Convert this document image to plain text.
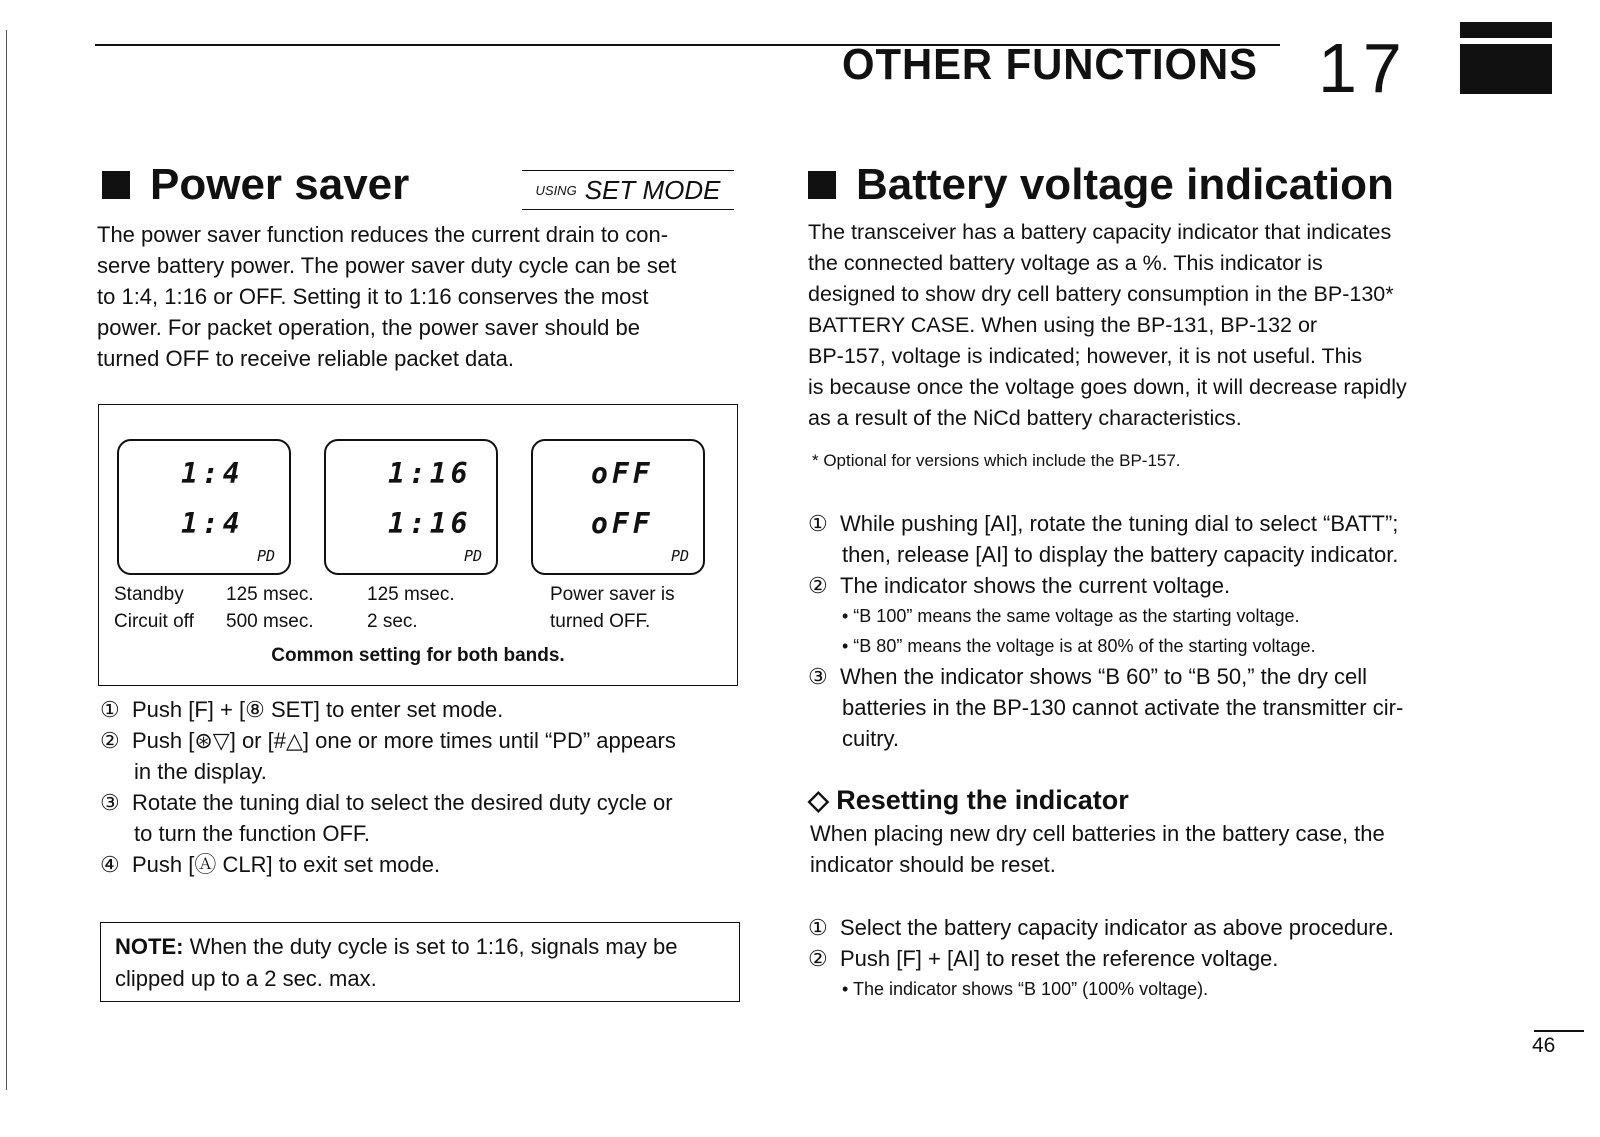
OTHER FUNCTIONS 17
Power saver	USING SET MODE
The power saver function reduces the current drain to con-
serve battery power. The power saver duty cycle can be set
to 1:4, 1:16 or OFF. Setting it to 1:16 conserves the most
power. For packet operation, the power saver should be
turned OFF to receive reliable packet data.
1:4
1:4
PD
1:16
1:16
PD
oFF
oFF
PD
Standby
Circuit off
125 msec.
500 msec.
125 msec.
2 sec.
Power saver is
turned OFF.
Common setting for both bands.
① Push [F] + [⑧ SET] to enter set mode.
② Push [⊛▽] or [#△] one or more times until “PD” appears
in the display.
③ Rotate the tuning dial to select the desired duty cycle or
to turn the function OFF.
④ Push [Ⓐ CLR] to exit set mode.
NOTE: When the duty cycle is set to 1:16, signals may be
clipped up to a 2 sec. max.
Battery voltage indication
The transceiver has a battery capacity indicator that indicates
the connected battery voltage as a %. This indicator is
designed to show dry cell battery consumption in the BP-130*
BATTERY CASE. When using the BP-131, BP-132 or
BP-157, voltage is indicated; however, it is not useful. This
is because once the voltage goes down, it will decrease rapidly
as a result of the NiCd battery characteristics.
* Optional for versions which include the BP-157.
① While pushing [AI], rotate the tuning dial to select “BATT”;
then, release [AI] to display the battery capacity indicator.
② The indicator shows the current voltage.
• “B 100” means the same voltage as the starting voltage.
• “B 80” means the voltage is at 80% of the starting voltage.
③ When the indicator shows “B 60” to “B 50,” the dry cell
batteries in the BP-130 cannot activate the transmitter cir-
cuitry.
◇ Resetting the indicator
When placing new dry cell batteries in the battery case, the
indicator should be reset.
① Select the battery capacity indicator as above procedure.
② Push [F] + [AI] to reset the reference voltage.
• The indicator shows “B 100” (100% voltage).
46
